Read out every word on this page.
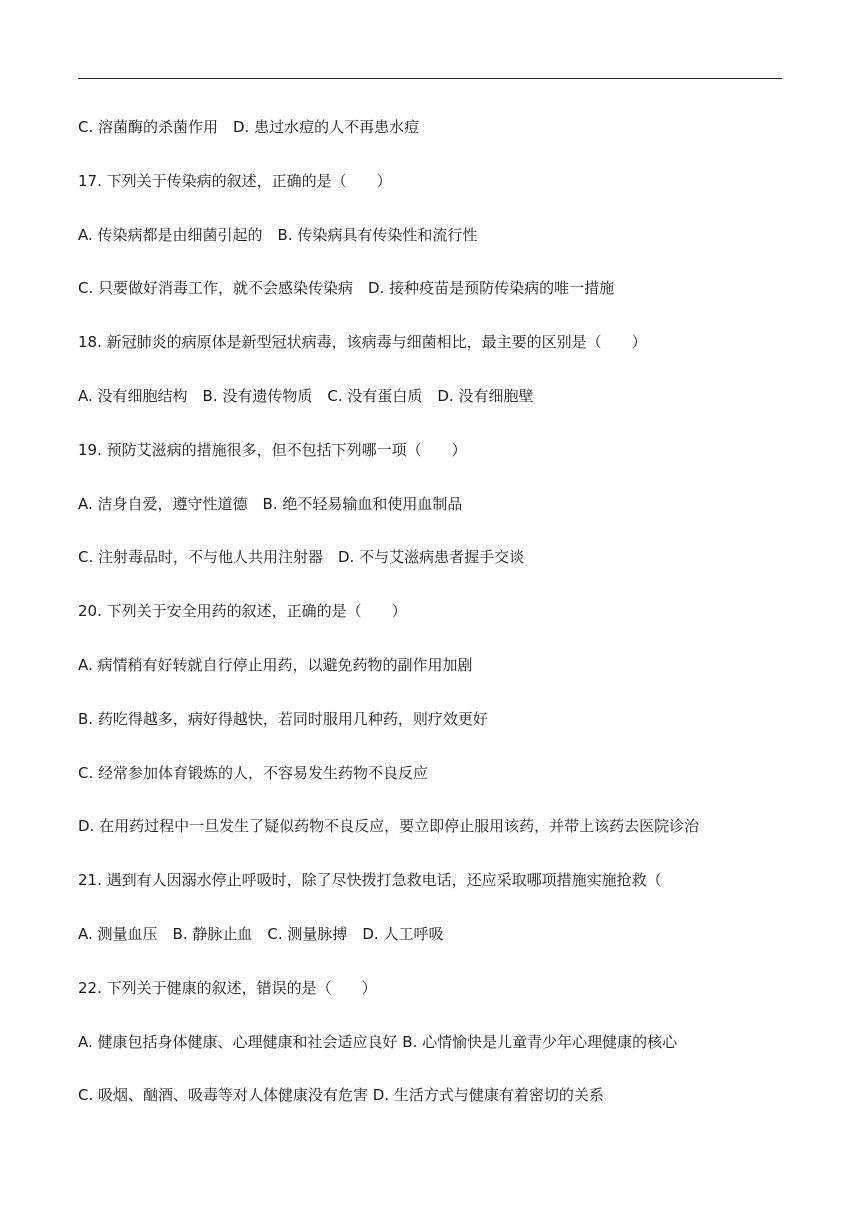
C. 溶菌酶的杀菌作用　D. 患过水痘的人不再患水痘
17. 下列关于传染病的叙述，正确的是（　　）
A. 传染病都是由细菌引起的　B. 传染病具有传染性和流行性
C. 只要做好消毒工作，就不会感染传染病　D. 接种疫苗是预防传染病的唯一措施
18. 新冠肺炎的病原体是新型冠状病毒，该病毒与细菌相比，最主要的区别是（　　）
A. 没有细胞结构　B. 没有遗传物质　C. 没有蛋白质　D. 没有细胞壁
19. 预防艾滋病的措施很多，但不包括下列哪一项（　　）
A. 洁身自爱，遵守性道德　B. 绝不轻易输血和使用血制品
C. 注射毒品时，不与他人共用注射器　D. 不与艾滋病患者握手交谈
20. 下列关于安全用药的叙述，正确的是（　　）
A. 病情稍有好转就自行停止用药，以避免药物的副作用加剧
B. 药吃得越多，病好得越快，若同时服用几种药，则疗效更好
C. 经常参加体育锻炼的人，不容易发生药物不良反应
D. 在用药过程中一旦发生了疑似药物不良反应，要立即停止服用该药，并带上该药去医院诊治
21. 遇到有人因溺水停止呼吸时，除了尽快拨打急救电话，还应采取哪项措施实施抢救（
A. 测量血压　B. 静脉止血　C. 测量脉搏　D. 人工呼吸
22. 下列关于健康的叙述，错误的是（　　）
A. 健康包括身体健康、心理健康和社会适应良好 B. 心情愉快是儿童青少年心理健康的核心
C. 吸烟、酗酒、吸毒等对人体健康没有危害 D. 生活方式与健康有着密切的关系
